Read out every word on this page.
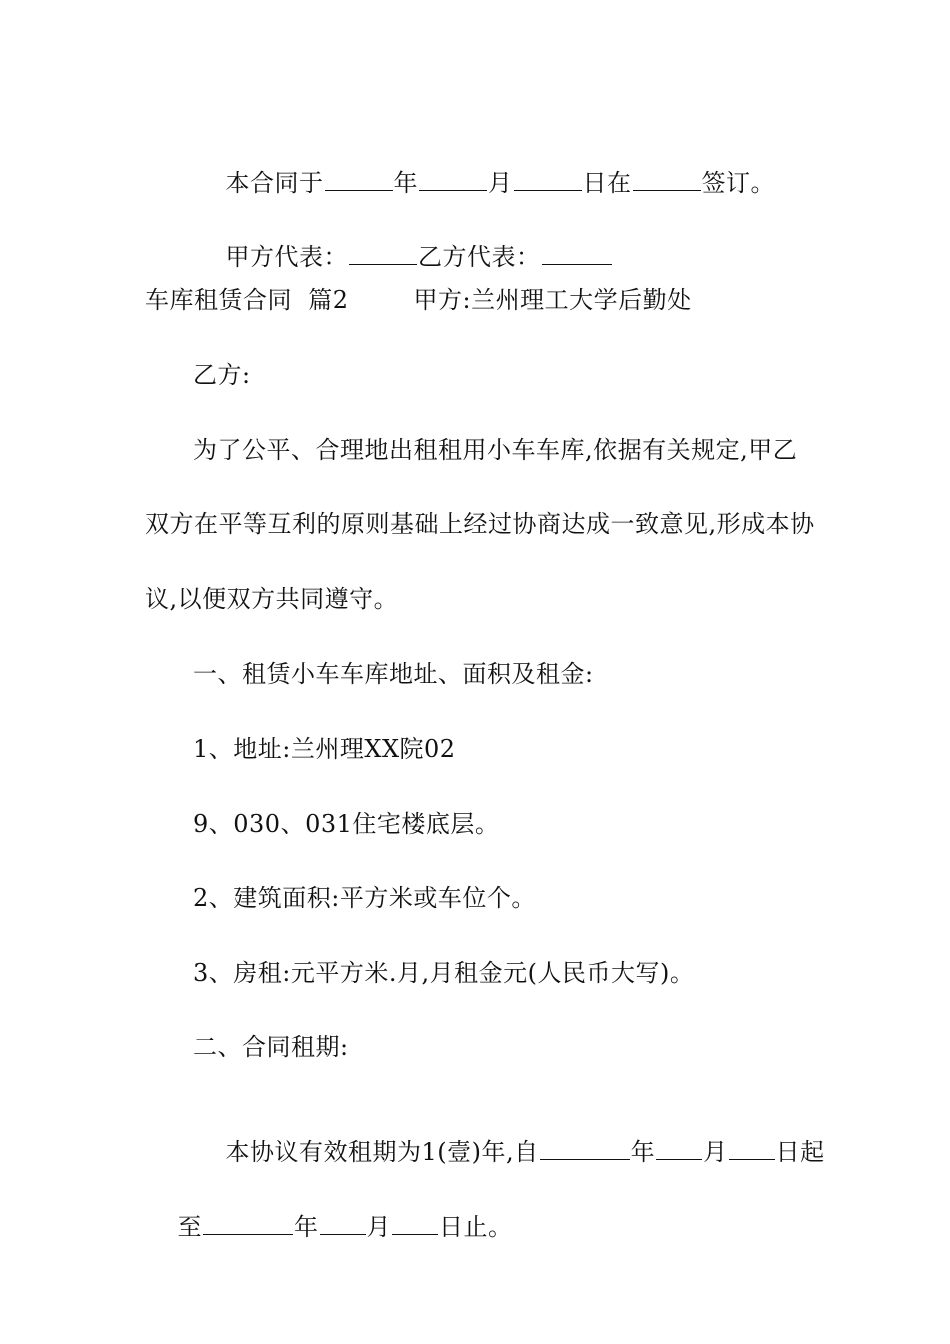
本合同于	年	月	日在	签订。

甲方代表：	乙方代表：

车库租赁合同  篇2        甲方:兰州理工大学后勤处
乙方:
为了公平、合理地出租租用小车车库,依据有关规定,甲乙
双方在平等互利的原则基础上经过协商达成一致意见,形成本协
议,以便双方共同遵守。
一、租赁小车车库地址、面积及租金:
1、地址:兰州理XX院02
9、030、031住宅楼底层。
2、建筑面积:平方米或车位个。
3、房租:元平方米.月,月租金元(人民币大写)。
二、合同租期:

本协议有效租期为1(壹)年,自	年 月 日起

至	年 月 日止。
